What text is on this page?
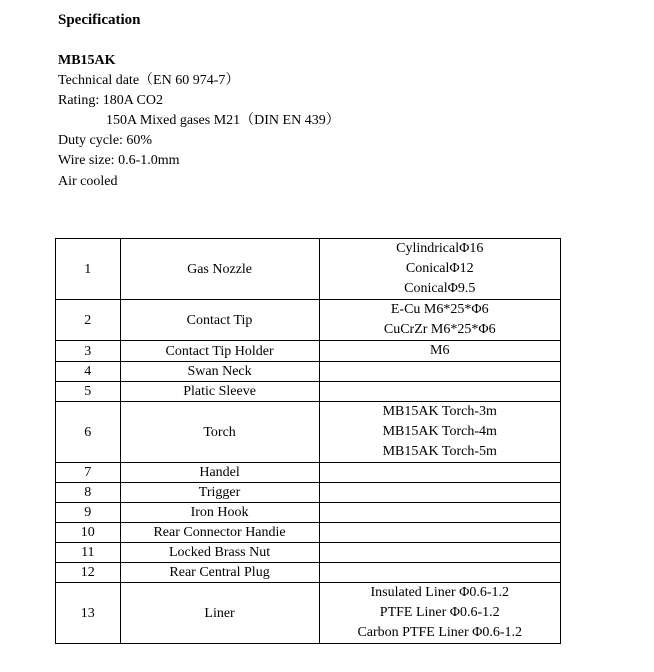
Specification
MB15AK
Technical date（EN 60 974-7）
Rating: 180A CO2
150A Mixed gases M21（DIN EN 439）
Duty cycle: 60%
Wire size: 0.6-1.0mm
Air cooled
1	Gas Nozzle	CylindricalΦ16
ConicalΦ12
ConicalΦ9.5

2	Contact Tip	E-Cu M6*25*Φ6
CuCrZr M6*25*Φ6

3	Contact Tip Holder	M6

4	Swan Neck	
5	Platic Sleeve	
6	Torch	MB15AK Torch-3m
MB15AK Torch-4m
MB15AK Torch-5m

7	Handel	
8	Trigger	
9	Iron Hook	
10	Rear Connector Handie	
11	Locked Brass Nut	
12	Rear Central Plug	
13	Liner	Insulated Liner Φ0.6-1.2
PTFE Liner Φ0.6-1.2
Carbon PTFE Liner Φ0.6-1.2
